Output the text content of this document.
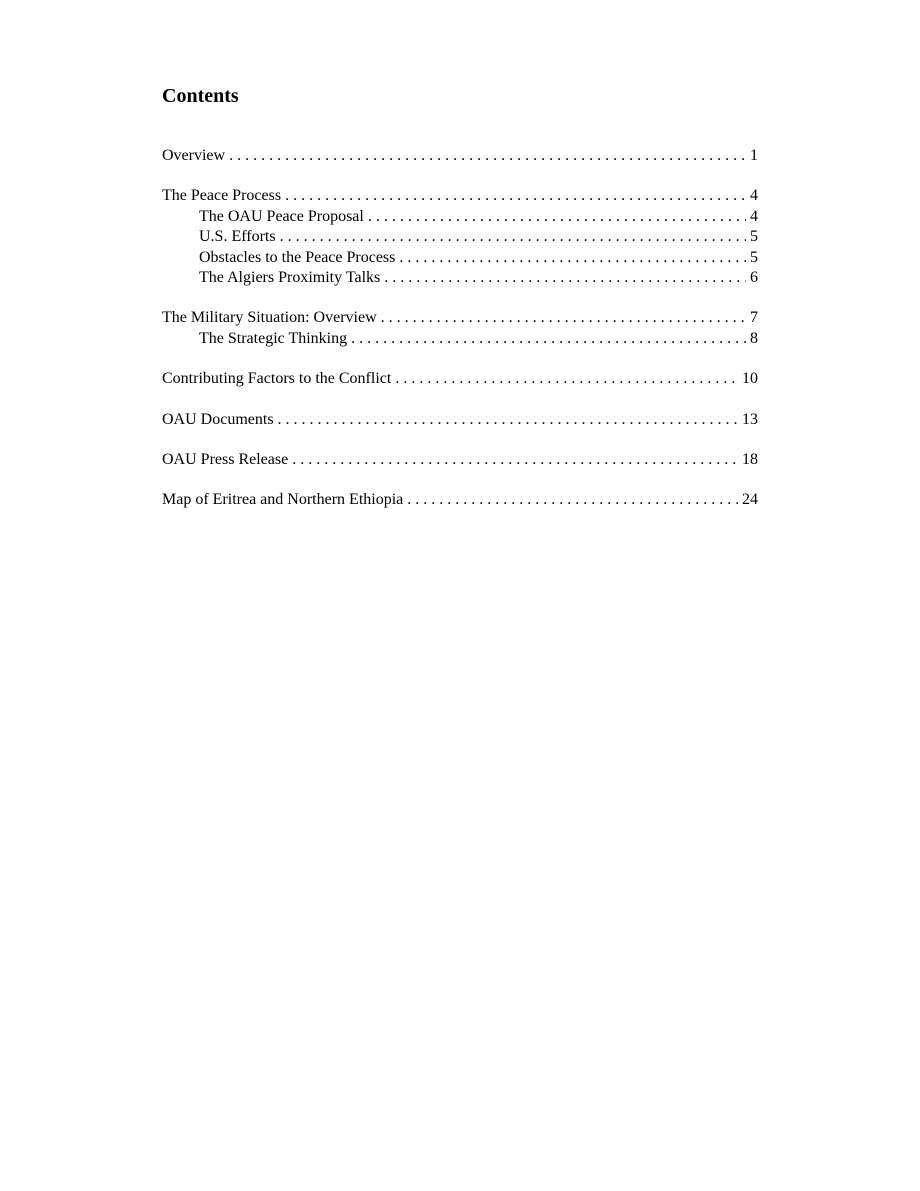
Contents
Overview . . .	1
The Peace Process . . .	4
The OAU Peace Proposal . . .	4
U.S. Efforts . . .	5
Obstacles to the Peace Process . . .	5
The Algiers Proximity Talks . . .	6
The Military Situation: Overview . . .	7
The Strategic Thinking . . .	8
Contributing Factors to the Conflict . . .	10
OAU Documents . . .	13
OAU Press Release . . .	18
Map of Eritrea and Northern Ethiopia . . .	24
